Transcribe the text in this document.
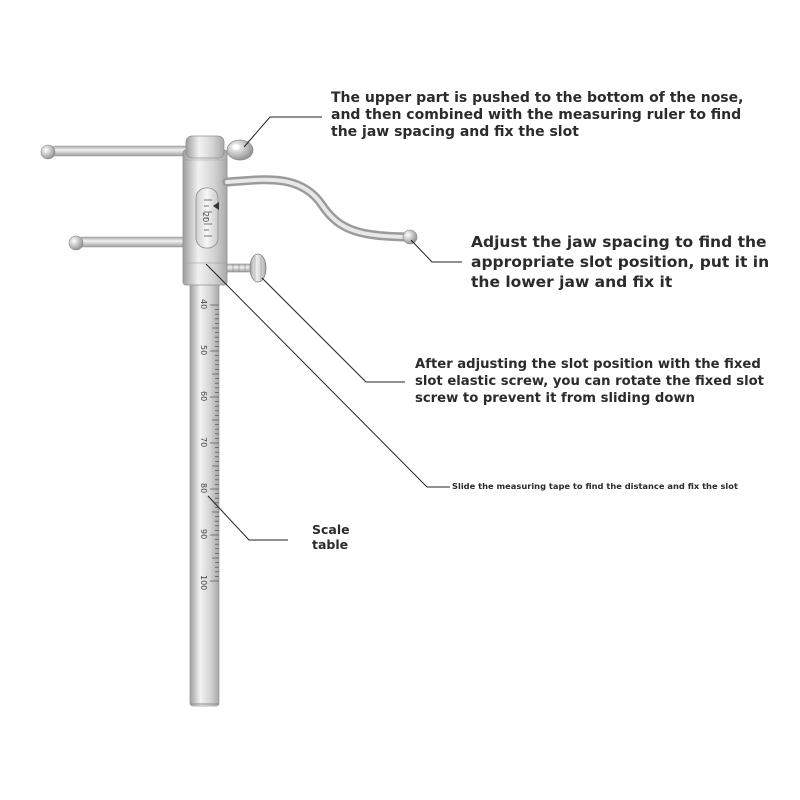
40
50
60
70
80
90
100
20

The upper part is pushed to the bottom of the nose, and then combined with the measuring ruler to find the jaw spacing and fix the slot

Adjust the jaw spacing to find the appropriate slot position, put it in the lower jaw and fix it

After adjusting the slot position with the fixed slot elastic screw, you can rotate the fixed slot screw to prevent it from sliding down

Slide the measuring tape to find the distance and fix the slot

Scale table
